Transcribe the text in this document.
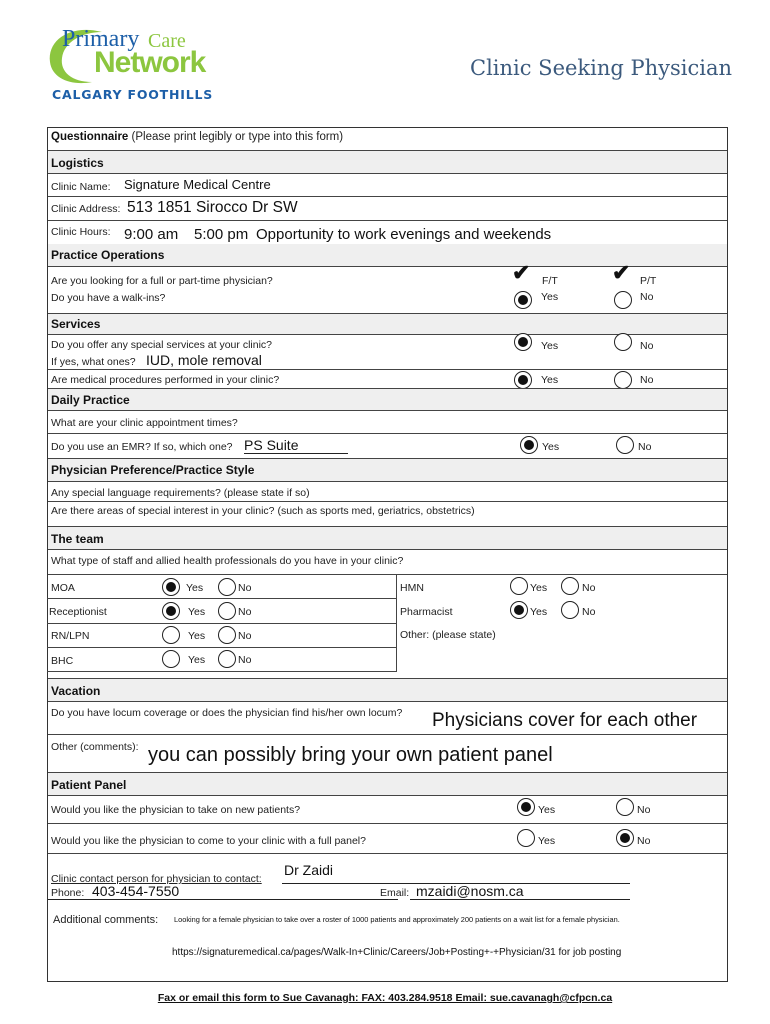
Primary Care
Network
CALGARY FOOTHILLS
Clinic Seeking Physician
Questionnaire (Please print legibly or type into this form)
Logistics
Clinic Name: Signature Medical Centre
Clinic Address: 513 1851 Sirocco Dr SW
Clinic Hours: 9:00 am 5:00 pm Opportunity to work evenings and weekends
Practice Operations
Are you looking for a full or part-time physician?	✔ F/T ✔ P/T
Do you have a walk-ins?	Yes	No
Services
Do you offer any special services at your clinic?	Yes	No
If yes, what ones? IUD, mole removal
Are medical procedures performed in your clinic?	Yes	No
Daily Practice
What are your clinic appointment times?
Do you use an EMR? If so, which one? PS Suite	Yes	No
Physician Preference/Practice Style
Any special language requirements? (please state if so)
Are there areas of special interest in your clinic? (such as sports med, geriatrics, obstetrics)
The team
What type of staff and allied health professionals do you have in your clinic?
MOA	Yes	No
Receptionist	Yes	No
RN/LPN	Yes	No
BHC	Yes	No
HMN	Yes	No
Pharmacist	Yes	No
Other: (please state)
Vacation
Do you have locum coverage or does the physician find his/her own locum? Physicians cover for each other
Other (comments): you can possibly bring your own patient panel
Patient Panel
Would you like the physician to take on new patients?	Yes	No
Would you like the physician to come to your clinic with a full panel?	Yes	No
Clinic contact person for physician to contact:
Dr Zaidi
Phone: 403-454-7550	Email: mzaidi@nosm.ca
Additional comments: Looking for a female physician to take over a roster of 1000 patients and approximately 200 patients on a wait list for a female physician.
https://signaturemedical.ca/pages/Walk-In+Clinic/Careers/Job+Posting+-+Physician/31 for job posting
Fax or email this form to Sue Cavanagh: FAX: 403.284.9518 Email: sue.cavanagh@cfpcn.ca
